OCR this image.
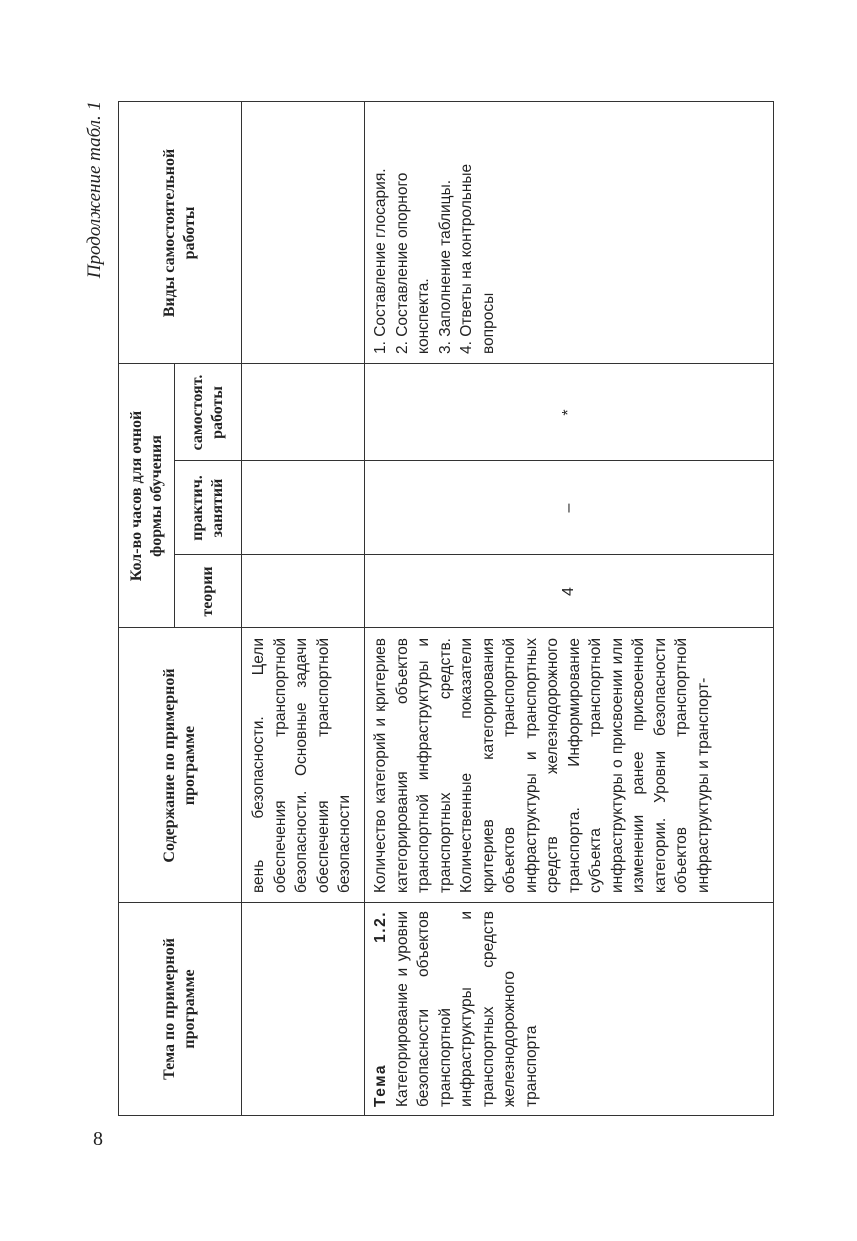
8
Продолжение табл. 1
Тема по примерной программе
Содержание по примерной программе
Кол-во часов для очной формы обучения
теории
практич. занятий
самостоят. работы
Виды самостоятельной работы
вень безопасности. Цели обеспечения транспортной безопасности. Основные задачи обеспечения транспортной безопасности
Тема 1.2. Категорирование и уровни безопасности объектов транспортной инфраструктуры и транспортных средств железнодорожного транспорта
Количество категорий и критериев категорирования объектов транспортной инфраструктуры и транспортных средств. Количественные показатели критериев категорирования объектов транспортной инфраструктуры и транспортных средств железнодорожного транспорта. Информирование субъекта транспортной инфраструктуры о присвоении или изменении ранее присвоенной категории. Уровни безопасности объектов транспортной инфраструктуры и транспорт-
4
–
*
1. Составление глосария. 2. Составление опорного конспекта. 3. Заполнение таблицы. 4. Ответы на контрольные вопросы
